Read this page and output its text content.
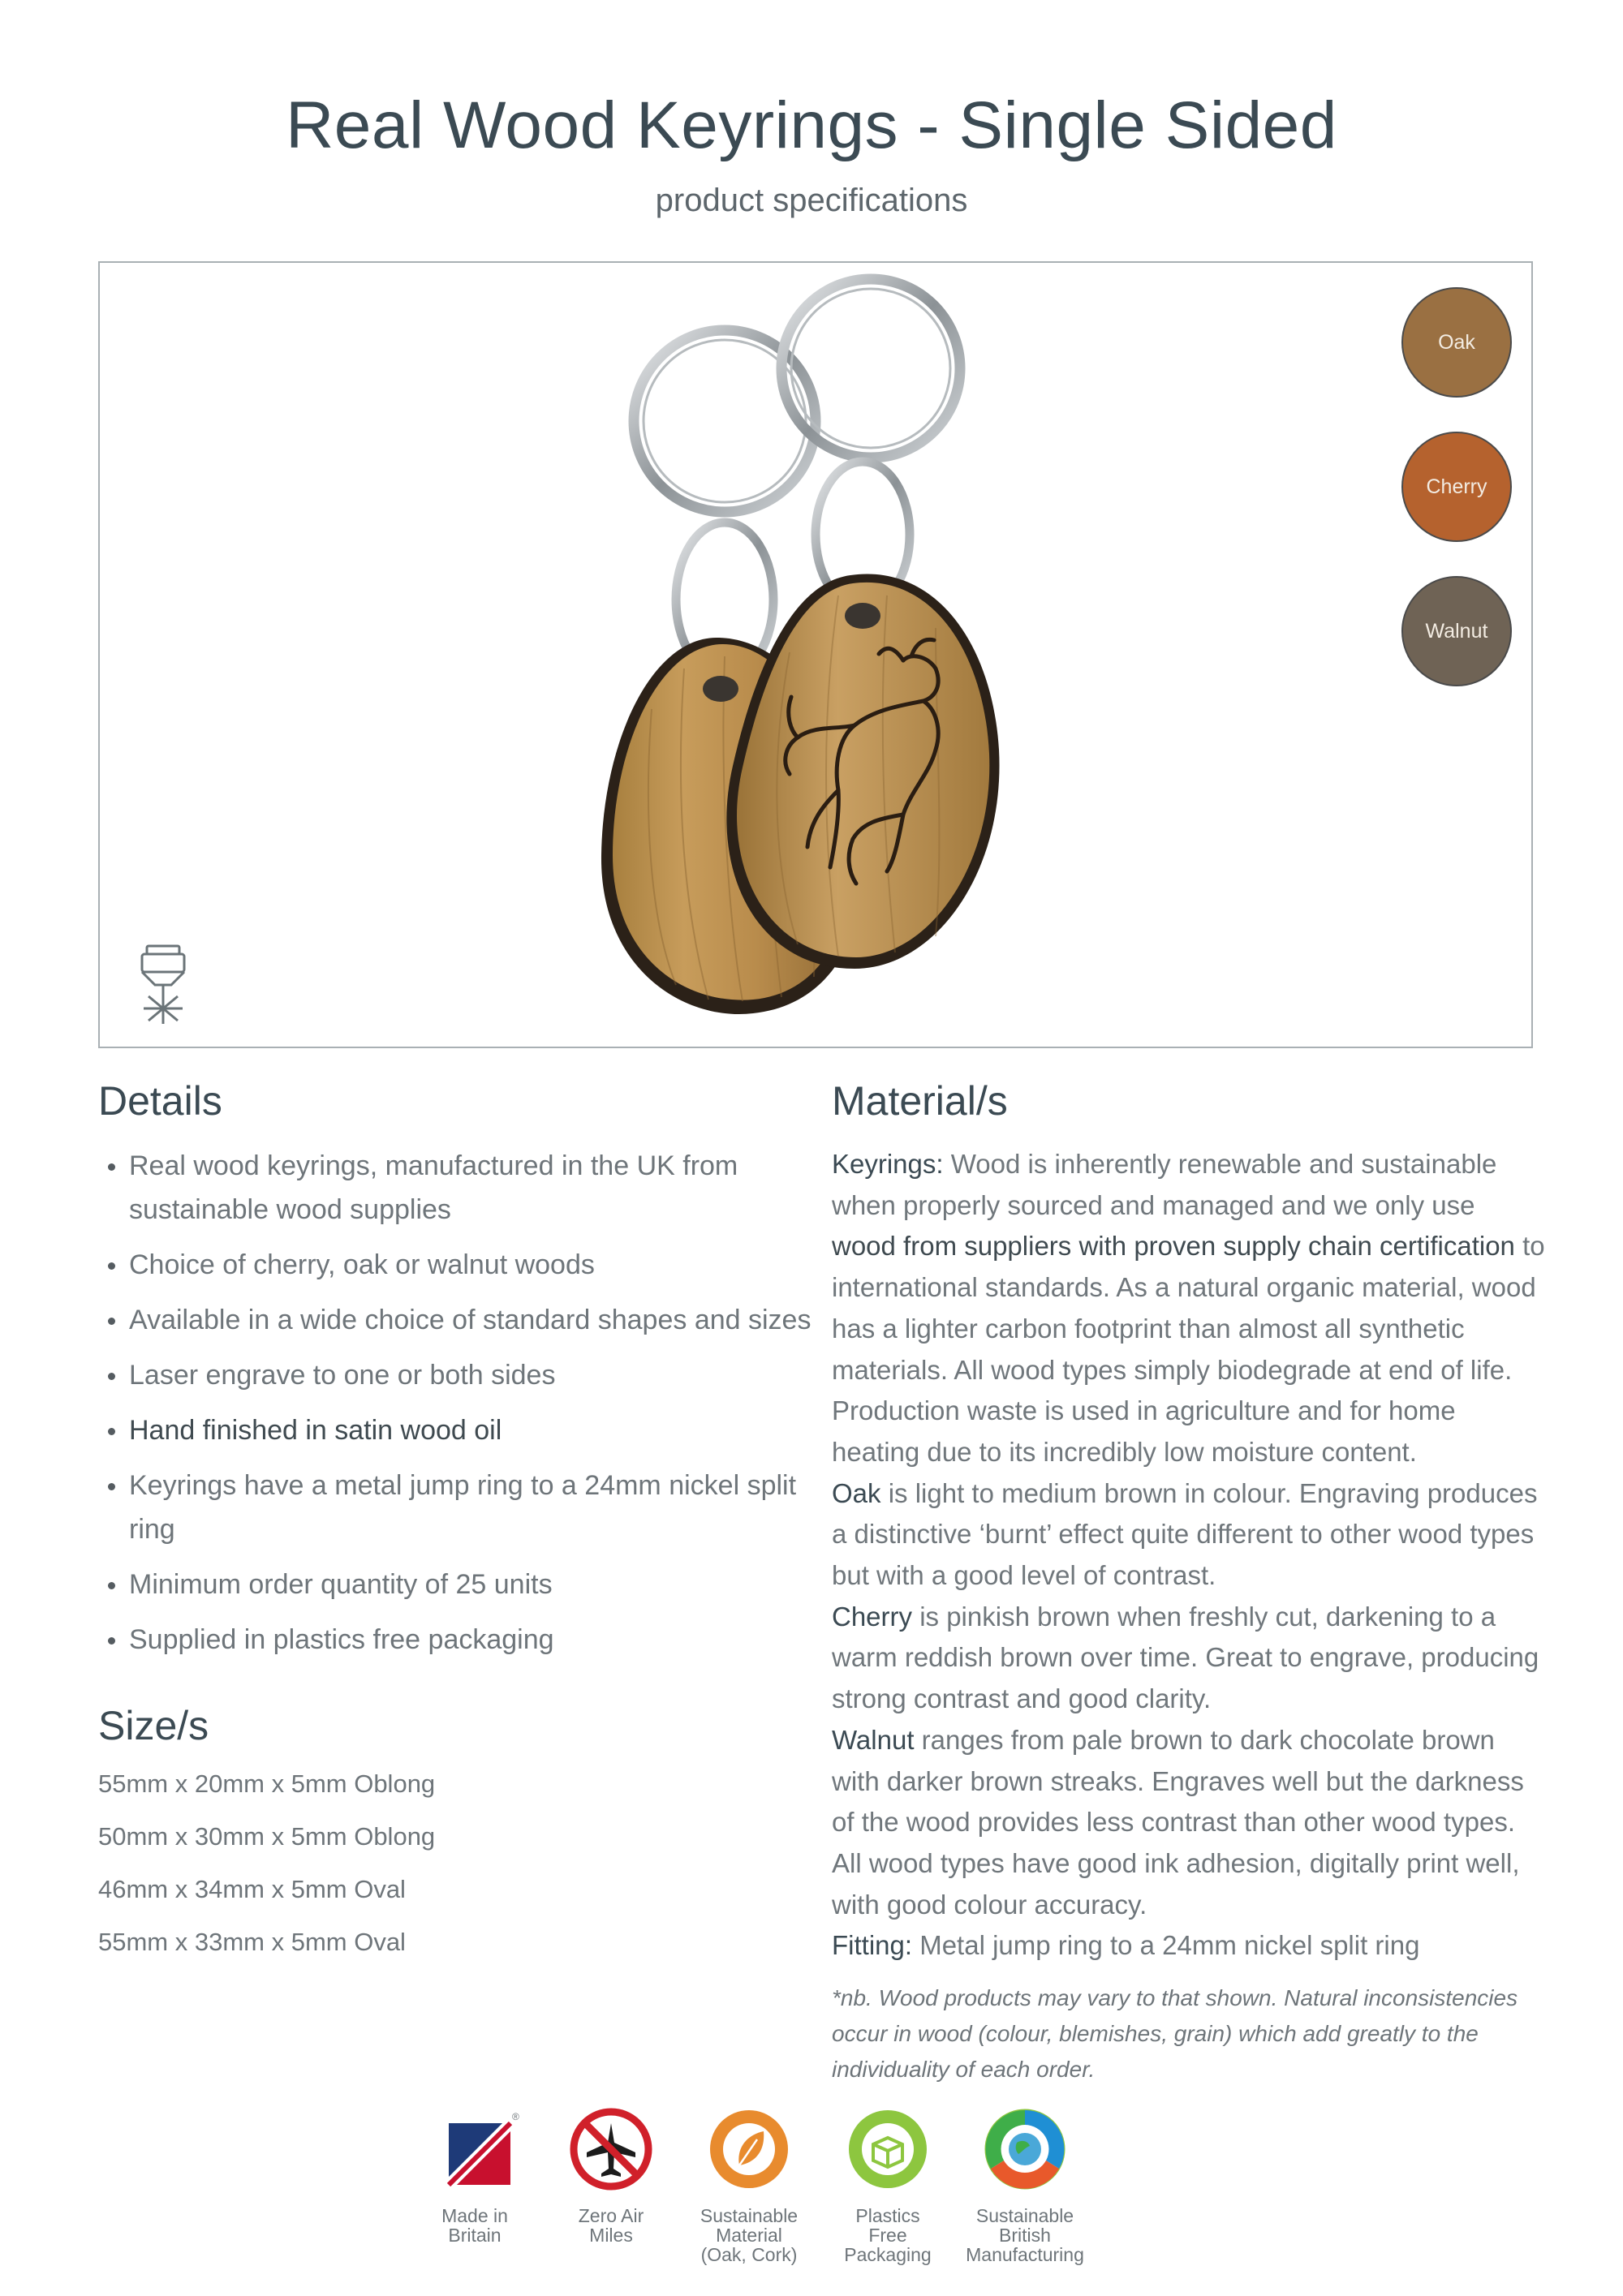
Real Wood Keyrings - Single Sided
product specifications
Oak
Cherry
Walnut
Details
Real wood keyrings, manufactured in the UK from sustainable wood supplies
Choice of cherry, oak or walnut woods
Available in a wide choice of standard shapes and sizes
Laser engrave to one or both sides
Hand finished in satin wood oil
Keyrings have a metal jump ring to a 24mm nickel split ring
Minimum order quantity of 25 units
Supplied in plastics free packaging
Size/s
55mm x 20mm x 5mm Oblong
50mm x 30mm x 5mm Oblong
46mm x 34mm x 5mm Oval
55mm x 33mm x 5mm Oval
Material/s
Keyrings: Wood is inherently renewable and sustainable when properly sourced and managed and we only use wood from suppliers with proven supply chain certification to international standards. As a natural organic material, wood has a lighter carbon footprint than almost all synthetic materials. All wood types simply biodegrade at end of life. Production waste is used in agriculture and for home heating due to its incredibly low moisture content.
Oak is light to medium brown in colour. Engraving produces a distinctive ‘burnt’ effect quite different to other wood types but with a good level of contrast.
Cherry is pinkish brown when freshly cut, darkening to a warm reddish brown over time. Great to engrave, producing strong contrast and good clarity.
Walnut ranges from pale brown to dark chocolate brown with darker brown streaks. Engraves well but the darkness of the wood provides less contrast than other wood types. All wood types have good ink adhesion, digitally print well, with good colour accuracy.
Fitting: Metal jump ring to a 24mm nickel split ring
*nb. Wood products may vary to that shown. Natural inconsistencies occur in wood (colour, blemishes, grain) which add greatly to the individuality of each order.
®
Made in
Britain
Zero Air
Miles
Sustainable
Material
(Oak, Cork)
Plastics
Free
Packaging
Sustainable
British
Manufacturing
